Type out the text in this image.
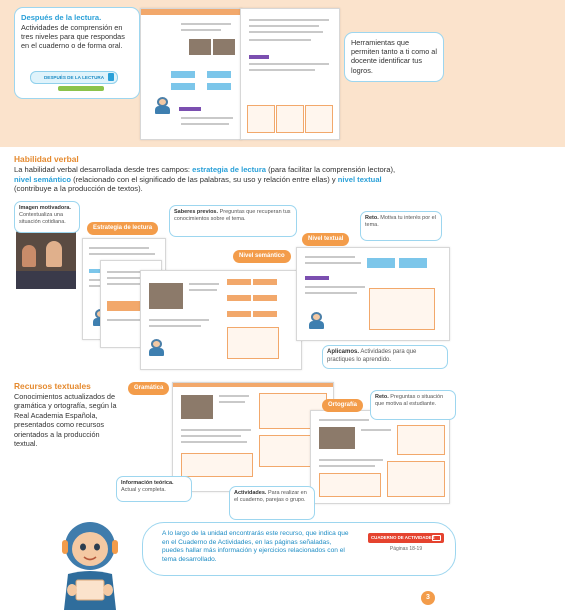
Después de la lectura.
Actividades de comprensión en tres niveles para que respondas en el cuaderno o de forma oral.
DESPUÉS DE LA LECTURA
Herramientas que permiten tanto a ti como al docente identificar tus logros.
Habilidad verbal
La habilidad verbal desarrollada desde tres campos: estrategia de lectura (para facilitar la comprensión lectora),
nivel semántico (relacionado con el significado de las palabras, su uso y relación entre ellas) y nivel textual
(contribuye a la producción de textos).
Imagen motivadora.
Contextualiza una situación cotidiana.
Estrategia de lectura
Nivel semántico
Nivel textual
Saberes previos. Preguntas que recuperan tus conocimientos sobre el tema.	Reto. Motiva tu interés por el tema.
Aplicamos. Actividades para que practiques lo aprendido.
Recursos textuales
Conocimientos actualizados de gramática y ortografía, según la Real Academia Española, presentados como recursos orientados a la producción textual.
Gramática
Ortografía
Reto. Preguntas o situación que motiva al estudiante.
Información teórica.
Actual y completa.	Actividades. Para realizar en el cuaderno, parejas o grupo.
A lo largo de la unidad encontrarás este recurso, que indica que en el Cuaderno de Actividades, en las páginas señaladas, puedes hallar más información y ejercicios relacionados con el tema desarrollado.
CUADERNO DE ACTIVIDADES
Páginas 18-19
3
